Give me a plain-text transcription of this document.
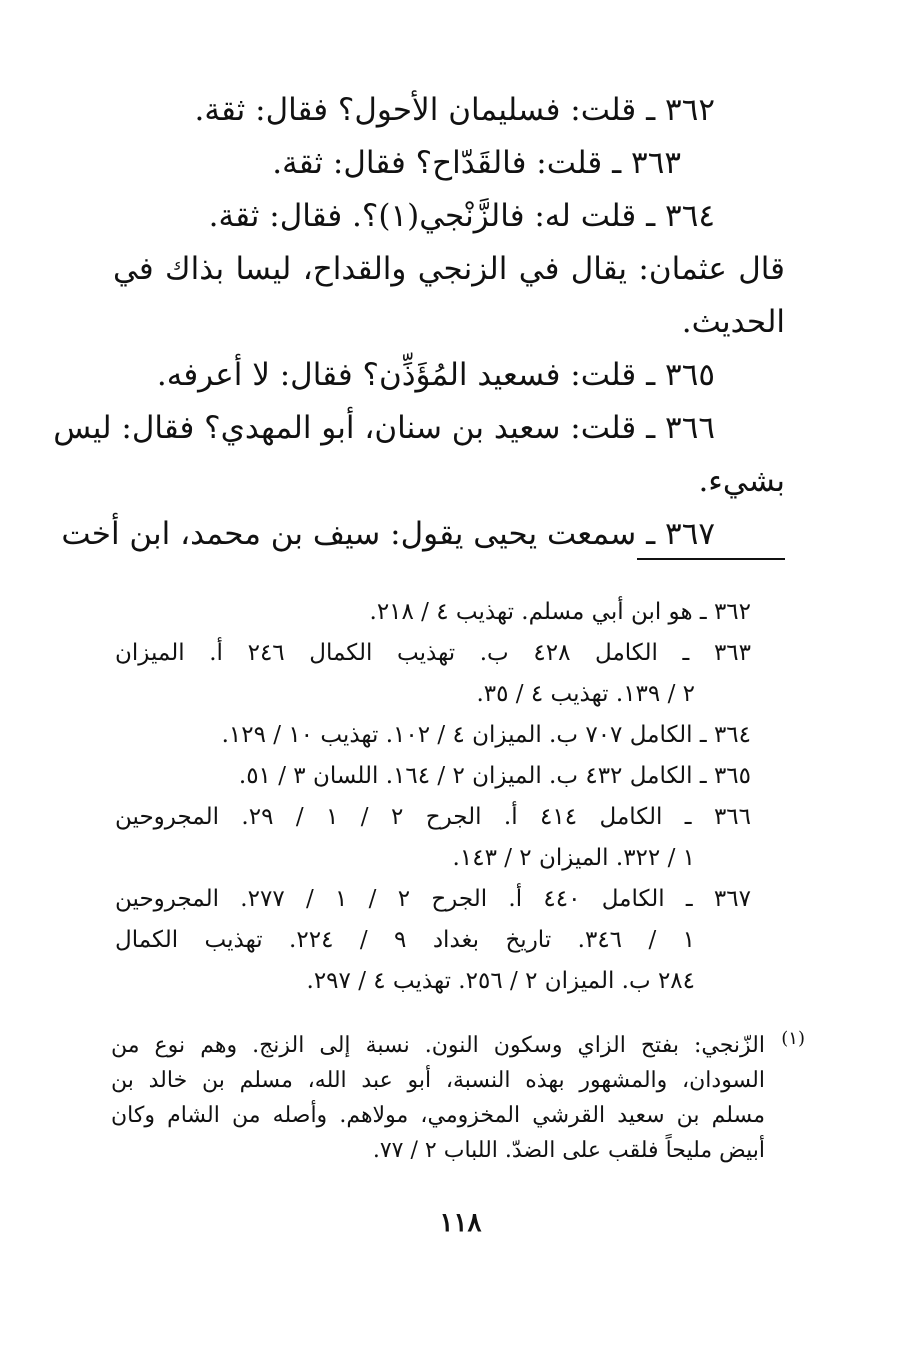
٣٦٢ ـ قلت: فسليمان الأحول؟ فقال: ثقة.
٣٦٣ ـ قلت: فالقَدّاح؟ فقال: ثقة.
٣٦٤ ـ قلت له: فالزَّنْجي(١)؟. فقال: ثقة.
قال عثمان: يقال في الزنجي والقداح، ليسا بذاك في
الحديث.
٣٦٥ ـ قلت: فسعيد المُؤَذِّن؟ فقال: لا أعرفه.
٣٦٦ ـ قلت: سعيد بن سنان، أبو المهدي؟ فقال: ليس
بشيء.
٣٦٧ ـ سمعت يحيى يقول: سيف بن محمد، ابن أخت
٣٦٢ ـ هو ابن أبي مسلم. تهذيب ٤ / ٢١٨.
٣٦٣ ـ الكامل ٤٢٨ ب. تهذيب الكمال ٢٤٦ أ. الميزان
٢ / ١٣٩. تهذيب ٤ / ٣٥.
٣٦٤ ـ الكامل ٧٠٧ ب. الميزان ٤ / ١٠٢. تهذيب ١٠ / ١٢٩.
٣٦٥ ـ الكامل ٤٣٢ ب. الميزان ٢ / ١٦٤. اللسان ٣ / ٥١.
٣٦٦ ـ الكامل ٤١٤ أ. الجرح ٢ / ١ / ٢٩. المجروحين
١ / ٣٢٢. الميزان ٢ / ١٤٣.
٣٦٧ ـ الكامل ٤٤٠ أ. الجرح ٢ / ١ / ٢٧٧. المجروحين
١ / ٣٤٦. تاريخ بغداد ٩ / ٢٢٤. تهذيب الكمال
٢٨٤ ب. الميزان ٢ / ٢٥٦. تهذيب ٤ / ٢٩٧.
(١)
الزّنجي: بفتح الزاي وسكون النون. نسبة إلى الزنج. وهم نوع من
السودان، والمشهور بهذه النسبة، أبو عبد الله، مسلم بن خالد بن
مسلم بن سعيد القرشي المخزومي، مولاهم. وأصله من الشام وكان
أبيض مليحاً فلقب على الضدّ. اللباب ٢ / ٧٧.
١١٨
